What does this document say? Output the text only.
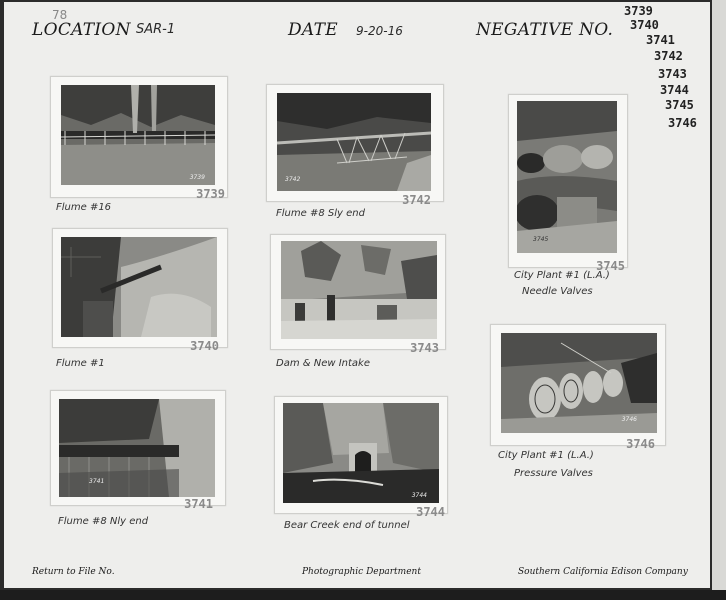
78
LOCATION SAR-1	DATE 9-20-16	NEGATIVE NO.
3739
3740
3741
3742
3743
3744
3745
3746
3739
3739
Flume #16
3742
3742
Flume #8 Sly end
3745
3745
City Plant #1 (L.A.)
Needle Valves
3740
Flume #1
3743
Dam & New Intake
3746
3746
City Plant #1 (L.A.)
Pressure Valves
3741
3741
Flume #8 Nly end
3744
3744
Bear Creek end of tunnel
Return to File No.	Photographic Department	Southern California Edison Company
